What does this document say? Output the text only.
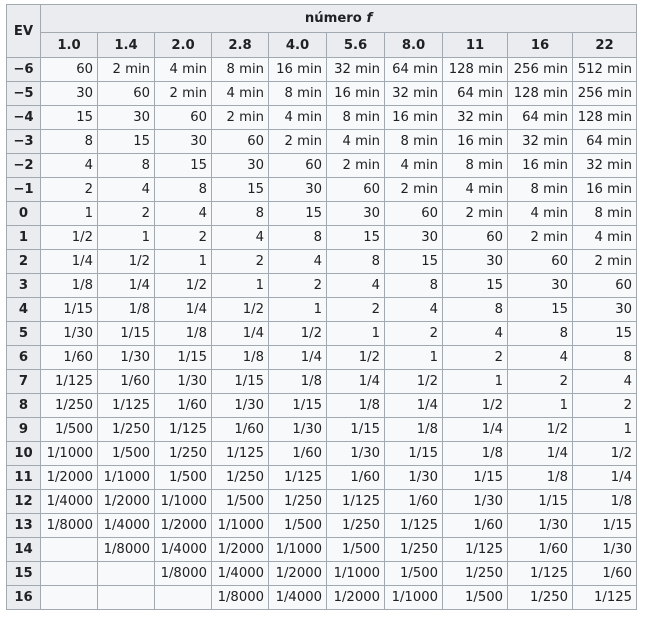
EV	número f									
	1.0	1.4	2.0	2.8	4.0	5.6	8.0	11	16	22
−6	60	2 min	4 min	8 min	16 min	32 min	64 min	128 min	256 min	512 min
−5	30	60	2 min	4 min	8 min	16 min	32 min	64 min	128 min	256 min
−4	15	30	60	2 min	4 min	8 min	16 min	32 min	64 min	128 min
−3	8	15	30	60	2 min	4 min	8 min	16 min	32 min	64 min
−2	4	8	15	30	60	2 min	4 min	8 min	16 min	32 min
−1	2	4	8	15	30	60	2 min	4 min	8 min	16 min
0	1	2	4	8	15	30	60	2 min	4 min	8 min
1	1/2	1	2	4	8	15	30	60	2 min	4 min
2	1/4	1/2	1	2	4	8	15	30	60	2 min
3	1/8	1/4	1/2	1	2	4	8	15	30	60
4	1/15	1/8	1/4	1/2	1	2	4	8	15	30
5	1/30	1/15	1/8	1/4	1/2	1	2	4	8	15
6	1/60	1/30	1/15	1/8	1/4	1/2	1	2	4	8
7	1/125	1/60	1/30	1/15	1/8	1/4	1/2	1	2	4
8	1/250	1/125	1/60	1/30	1/15	1/8	1/4	1/2	1	2
9	1/500	1/250	1/125	1/60	1/30	1/15	1/8	1/4	1/2	1
10	1/1000	1/500	1/250	1/125	1/60	1/30	1/15	1/8	1/4	1/2
11	1/2000	1/1000	1/500	1/250	1/125	1/60	1/30	1/15	1/8	1/4
12	1/4000	1/2000	1/1000	1/500	1/250	1/125	1/60	1/30	1/15	1/8
13	1/8000	1/4000	1/2000	1/1000	1/500	1/250	1/125	1/60	1/30	1/15
14		1/8000	1/4000	1/2000	1/1000	1/500	1/250	1/125	1/60	1/30
15			1/8000	1/4000	1/2000	1/1000	1/500	1/250	1/125	1/60
16				1/8000	1/4000	1/2000	1/1000	1/500	1/250	1/125
